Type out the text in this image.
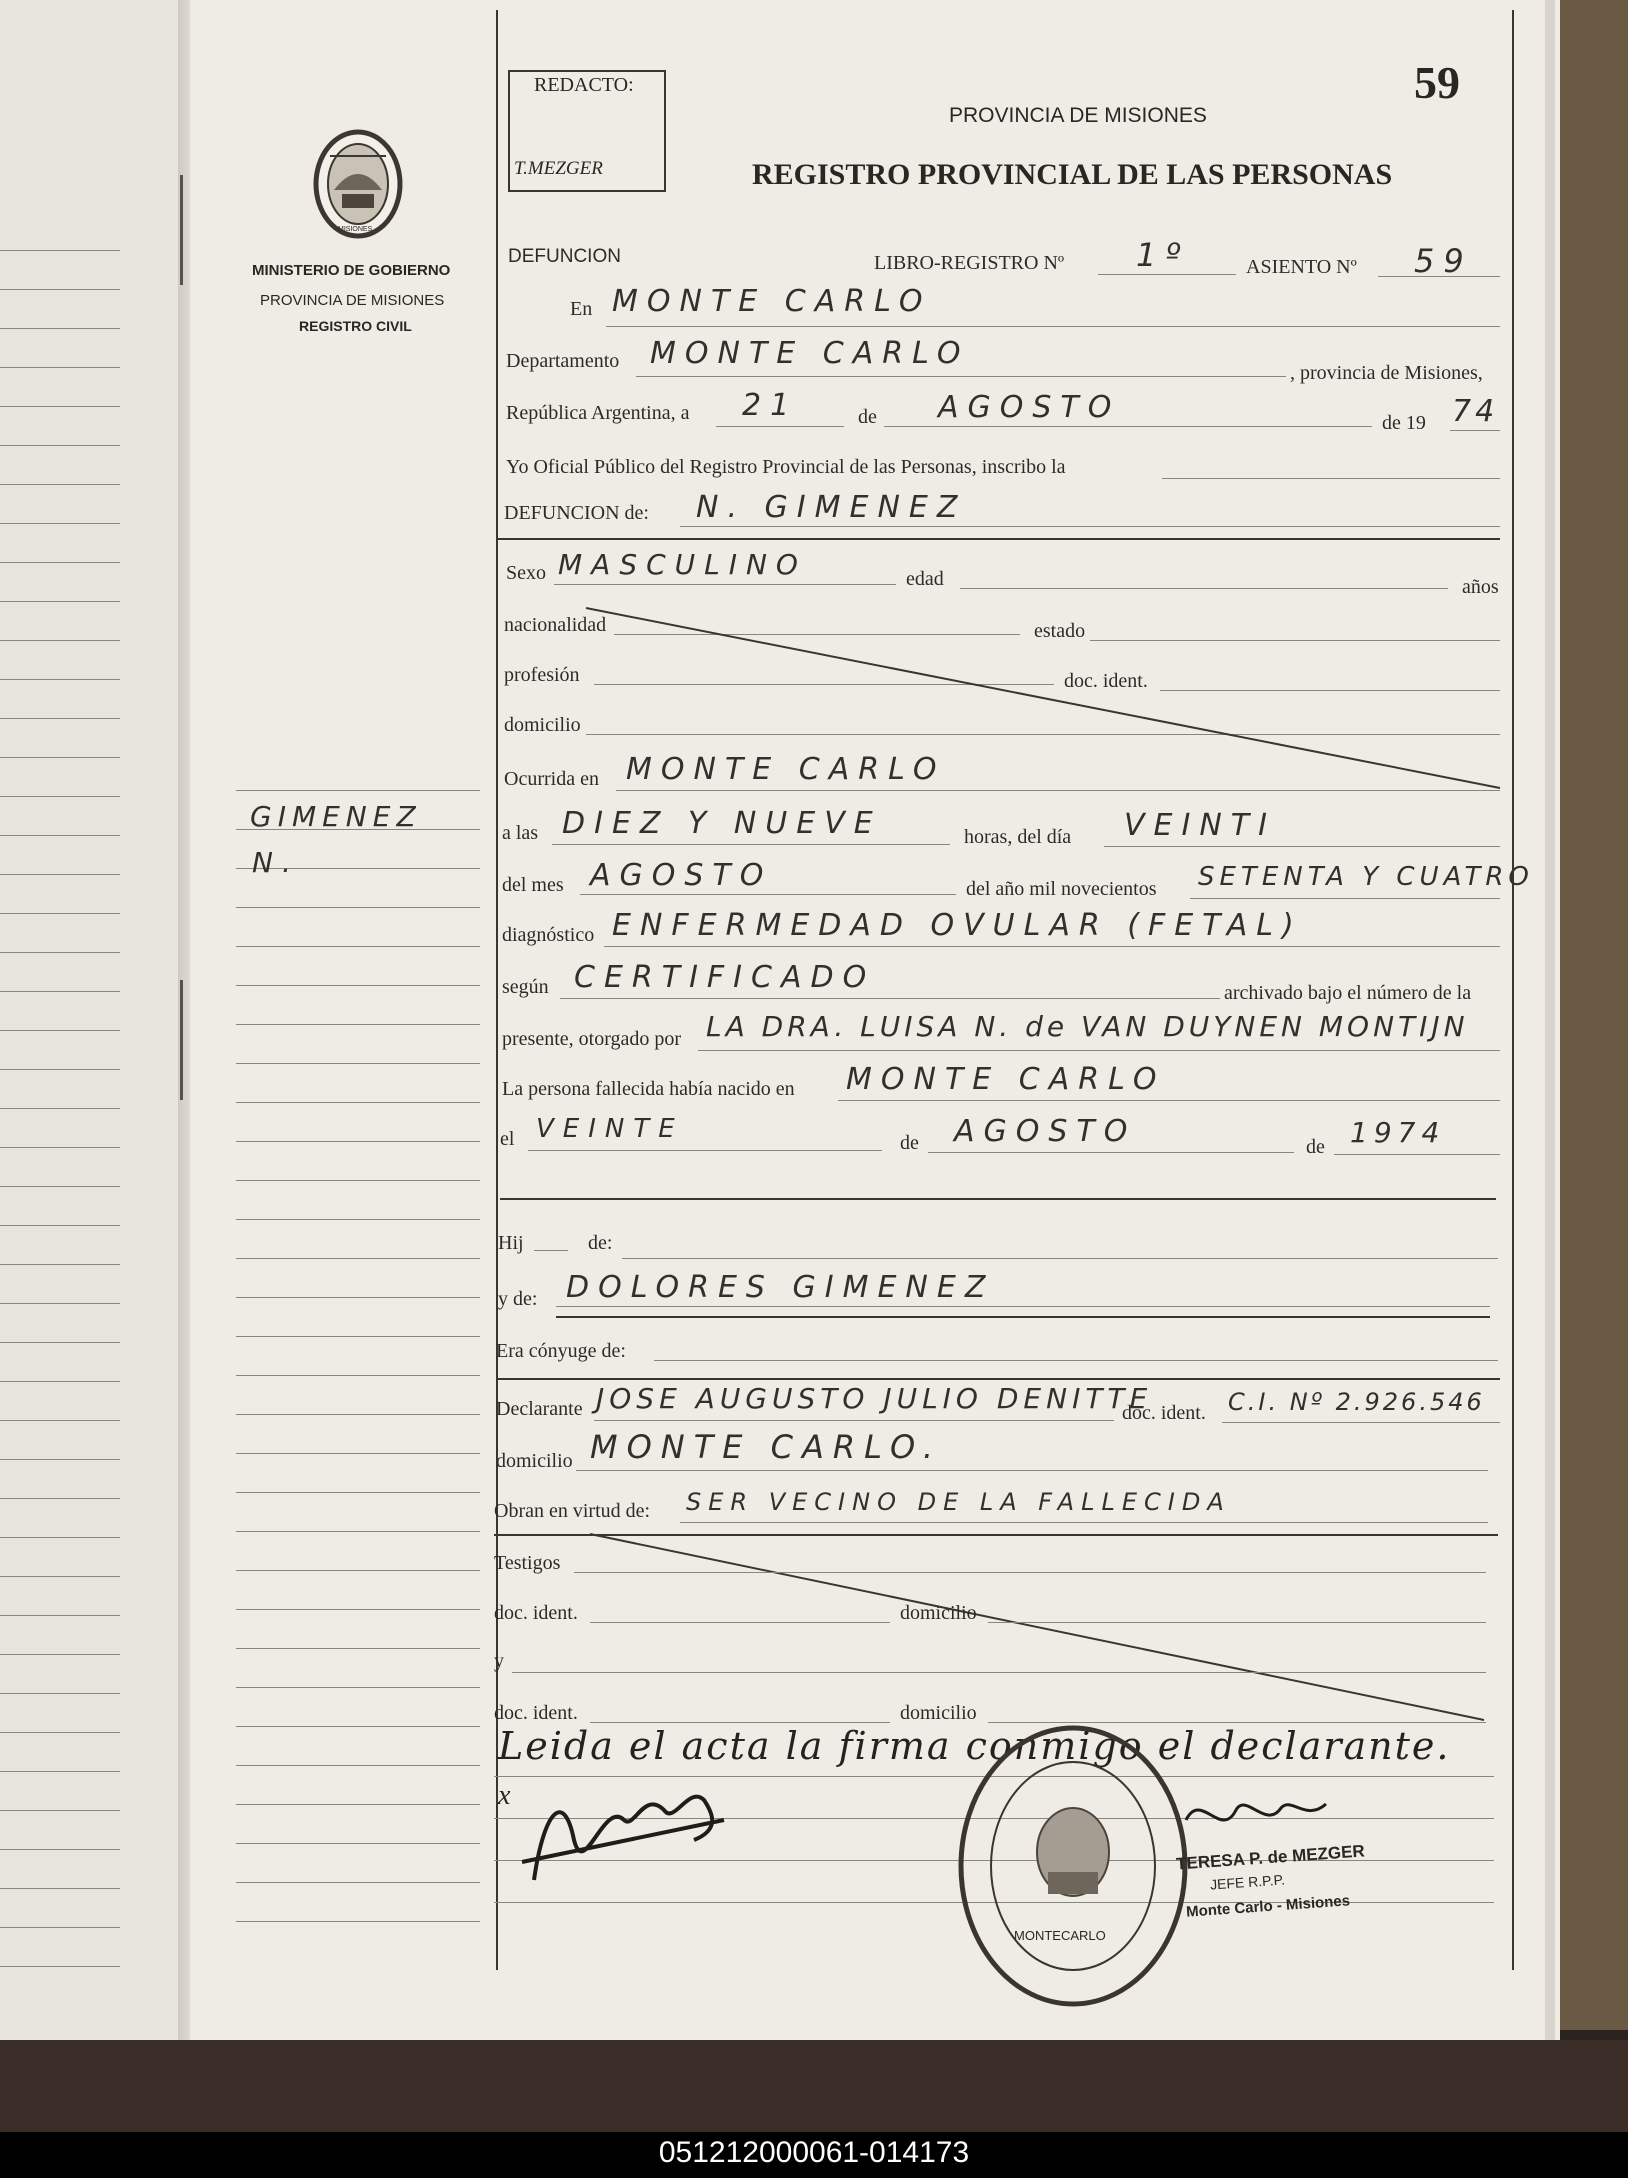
051212000061-014173
MISIONES
MINISTERIO DE GOBIERNO
PROVINCIA DE MISIONES
REGISTRO CIVIL
GIMENEZ
N.
REDACTO:
T.MEZGER
59
PROVINCIA DE MISIONES
REGISTRO PROVINCIAL DE LAS PERSONAS
DEFUNCION	LIBRO-REGISTRO Nº 1º	ASIENTO Nº 59
En MONTE CARLO
Departamento MONTE CARLO
, provincia de Misiones,
República Argentina, a 21	de AGOSTO	de 19 74
Yo Oficial Público del Registro Provincial de las Personas, inscribo la
DEFUNCION de: N. GIMENEZ
Sexo MASCULINO	edad	años
nacionalidad	estado
profesión	doc. ident.
domicilio
Ocurrida en MONTE CARLO
a las DIEZ Y NUEVE	horas, del día VEINTI
del mes AGOSTO	del año mil novecientos SETENTA Y CUATRO
diagnóstico ENFERMEDAD OVULAR (FETAL)
según CERTIFICADO	archivado bajo el número de la
presente, otorgado por LA DRA. LUISA N. de VAN DUYNEN MONTIJN
La persona fallecida había nacido en MONTE CARLO
el VEINTE	de AGOSTO	de 1974
Hij	de:
y de: DOLORES GIMENEZ
Era cónyuge de:
Declarante JOSE AUGUSTO JULIO DENITTE
doc. ident. C.I. Nº 2.926.546
domicilio MONTE CARLO.
Obran en virtud de: SER VECINO DE LA FALLECIDA
Testigos
doc. ident.	domicilio
y
doc. ident.	domicilio
Leida el acta la firma conmigo el declarante.
x
MONTECARLO
TERESA P. de MEZGER
JEFE R.P.P.
Monte Carlo - Misiones
